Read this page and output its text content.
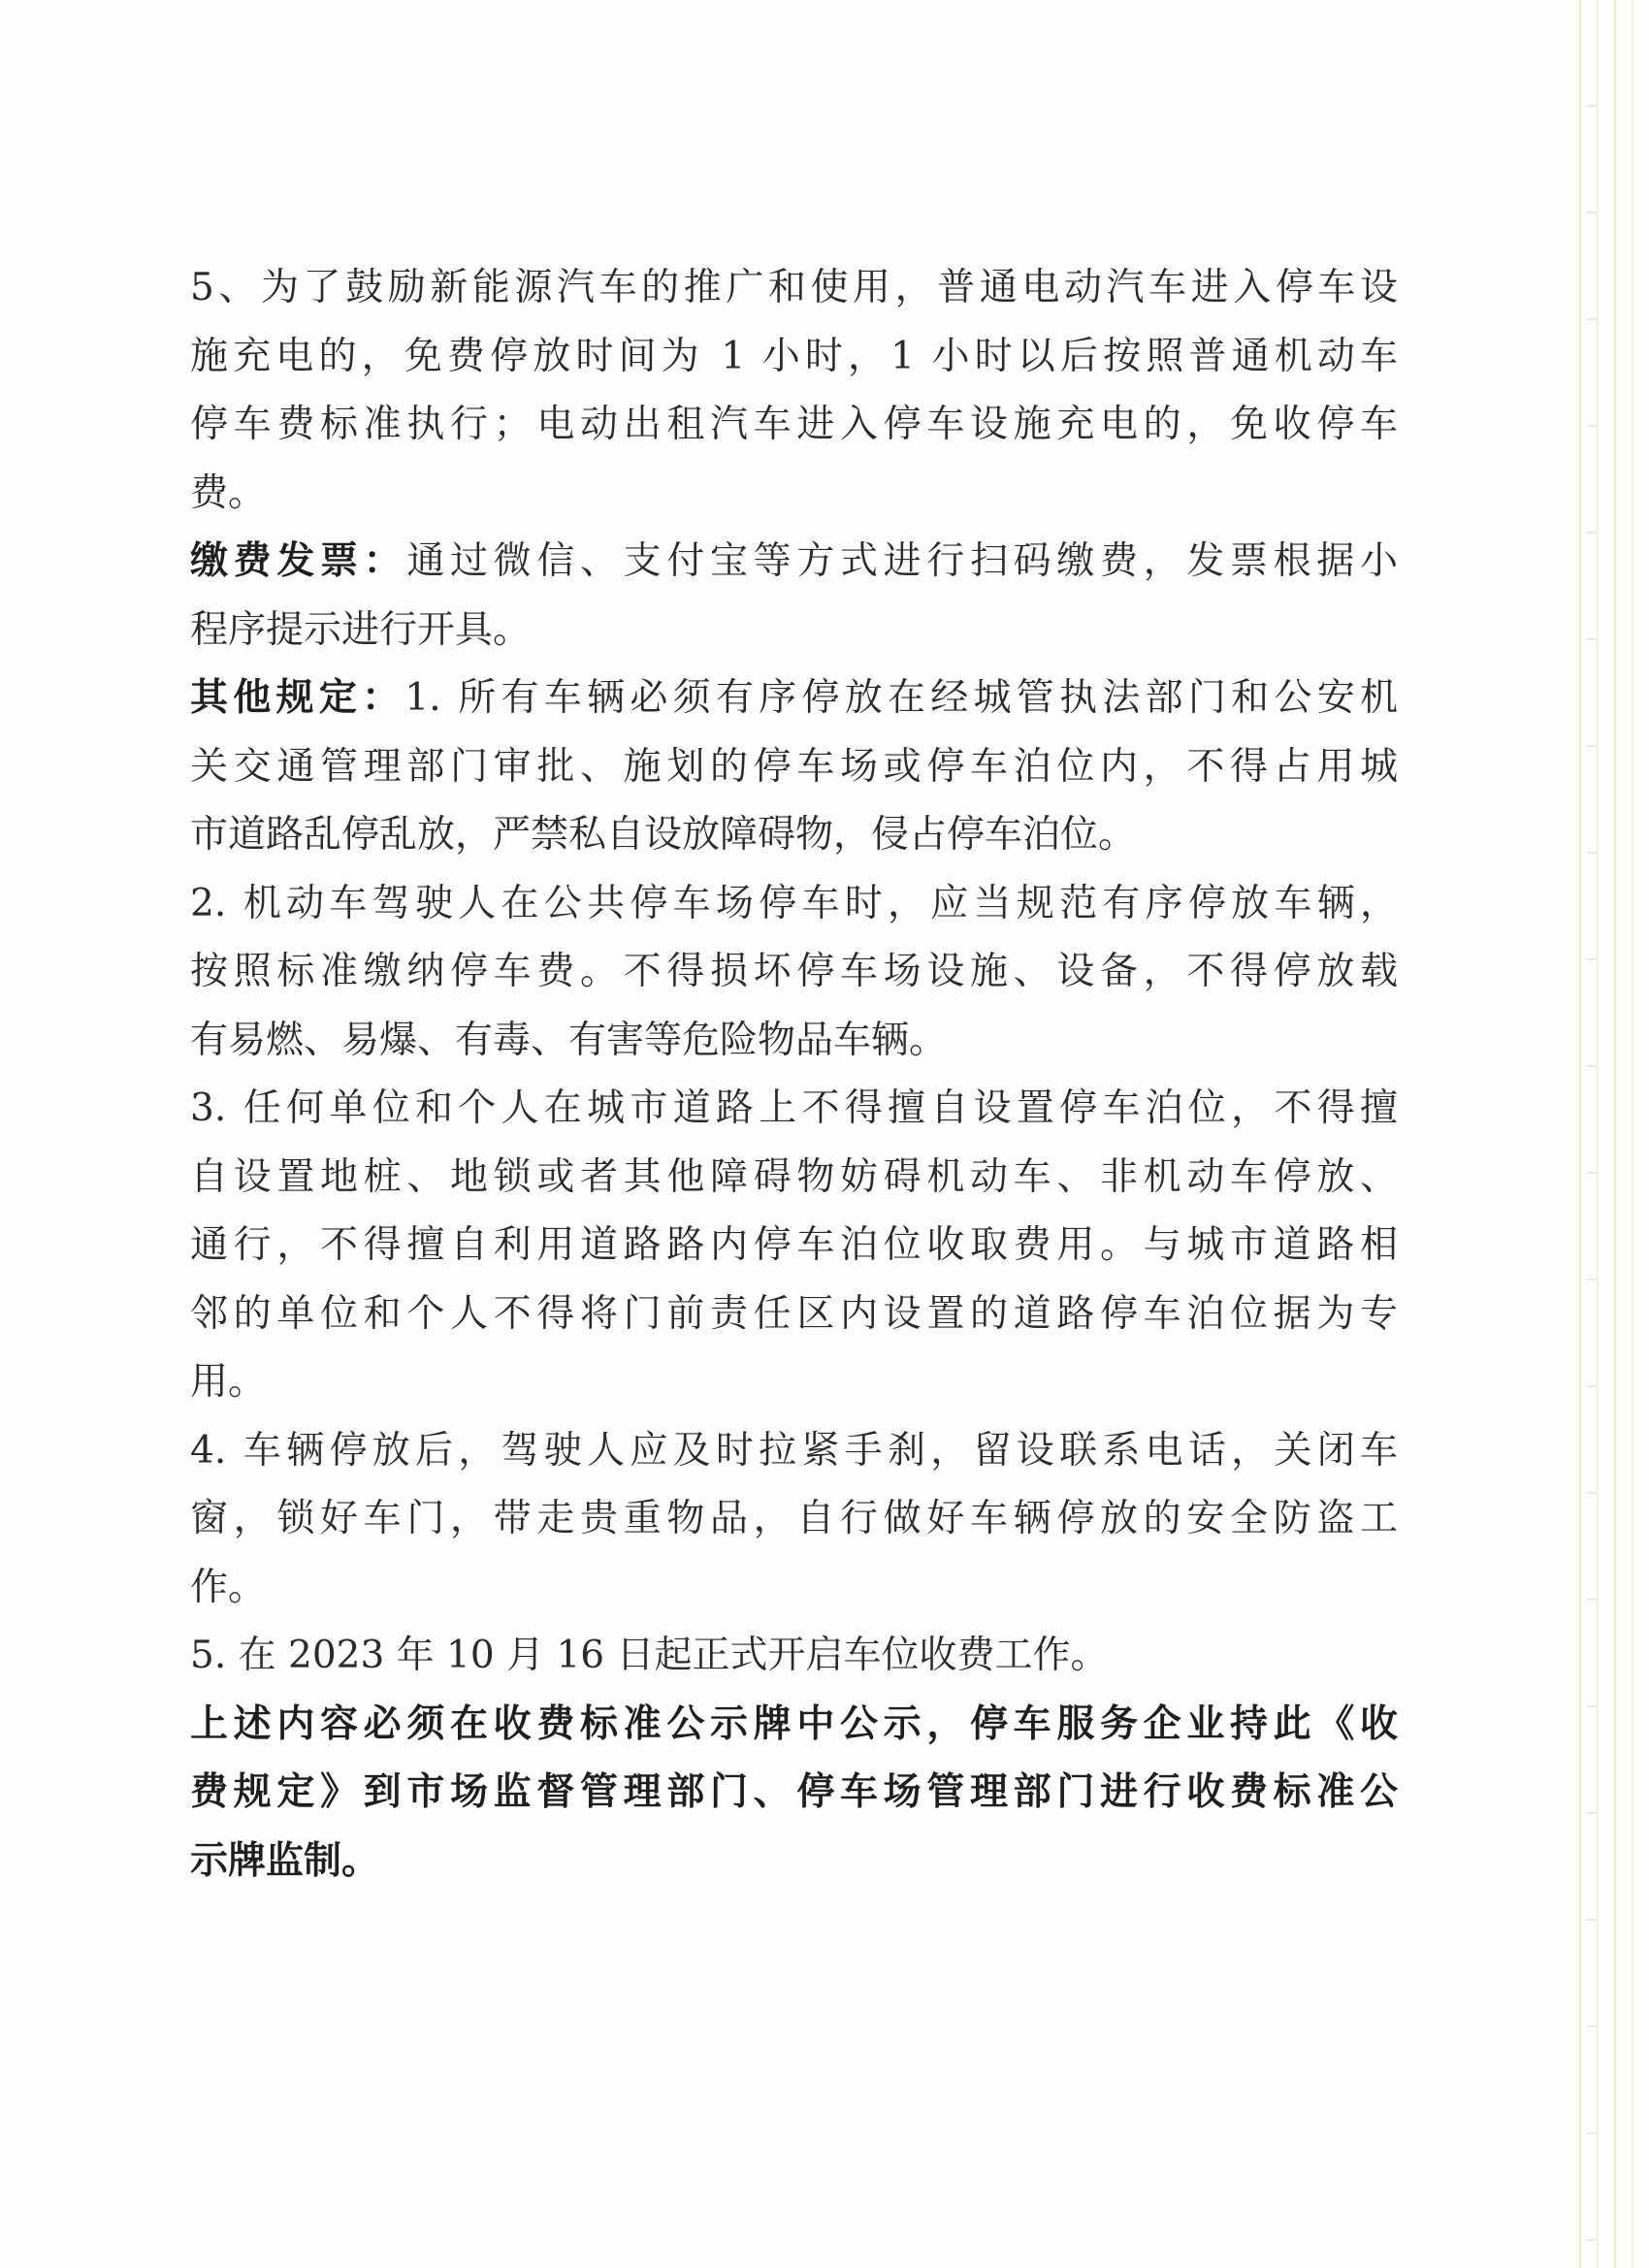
5、为了鼓励新能源汽车的推广和使用，普通电动汽车进入停车设
施充电的，免费停放时间为 1 小时，1 小时以后按照普通机动车
停车费标准执行；电动出租汽车进入停车设施充电的，免收停车
费。
缴费发票：通过微信、支付宝等方式进行扫码缴费，发票根据小
程序提示进行开具。
其他规定：1. 所有车辆必须有序停放在经城管执法部门和公安机
关交通管理部门审批、施划的停车场或停车泊位内，不得占用城
市道路乱停乱放，严禁私自设放障碍物，侵占停车泊位。
2. 机动车驾驶人在公共停车场停车时，应当规范有序停放车辆，
按照标准缴纳停车费。不得损坏停车场设施、设备，不得停放载
有易燃、易爆、有毒、有害等危险物品车辆。
3. 任何单位和个人在城市道路上不得擅自设置停车泊位，不得擅
自设置地桩、地锁或者其他障碍物妨碍机动车、非机动车停放、
通行，不得擅自利用道路路内停车泊位收取费用。与城市道路相
邻的单位和个人不得将门前责任区内设置的道路停车泊位据为专
用。
4. 车辆停放后，驾驶人应及时拉紧手刹，留设联系电话，关闭车
窗，锁好车门，带走贵重物品，自行做好车辆停放的安全防盗工
作。
5. 在 2023 年 10 月 16 日起正式开启车位收费工作。
上述内容必须在收费标准公示牌中公示，停车服务企业持此《收
费规定》到市场监督管理部门、停车场管理部门进行收费标准公
示牌监制。
